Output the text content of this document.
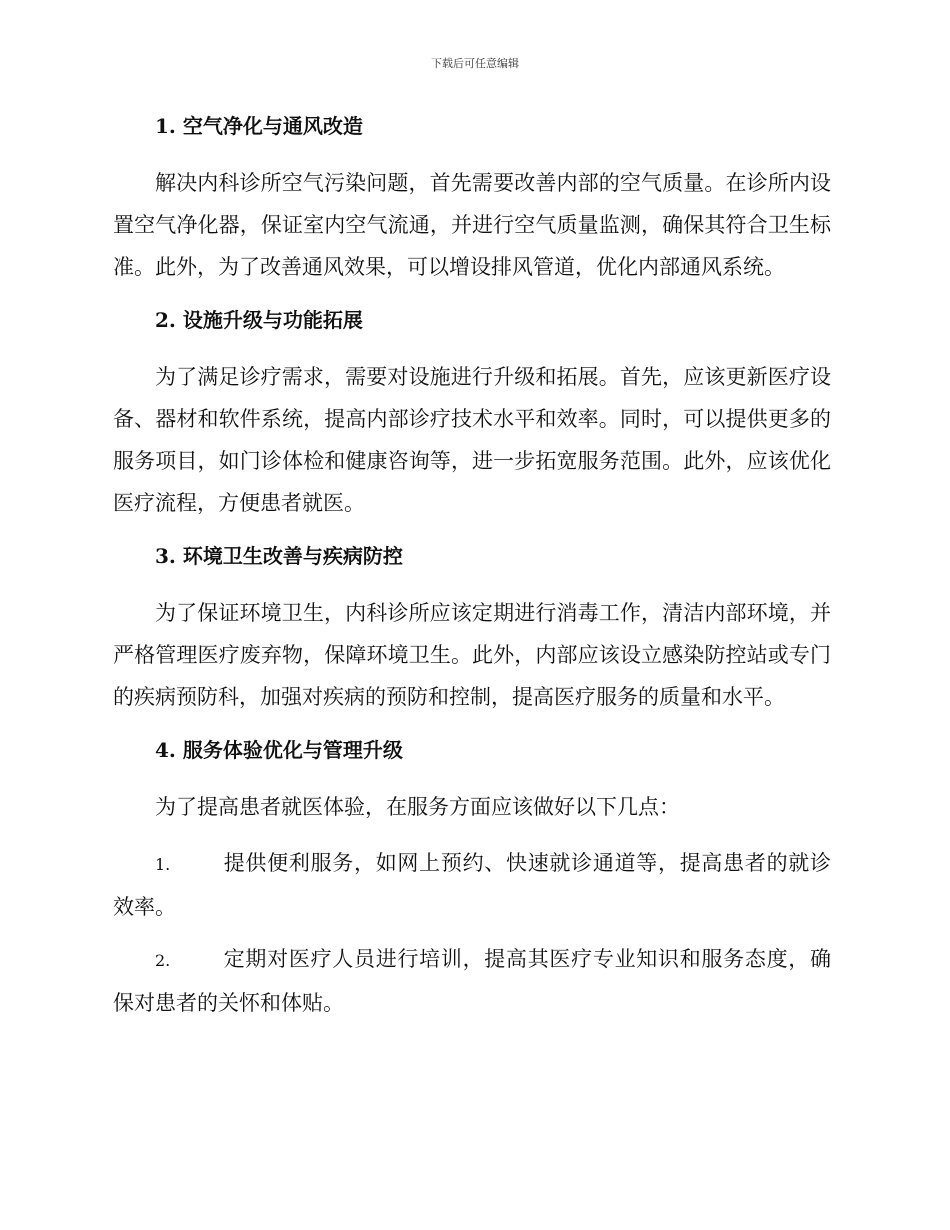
下载后可任意编辑
1. 空气净化与通风改造

解决内科诊所空气污染问题，首先需要改善内部的空气质量。在诊所内设置空气净化器，保证室内空气流通，并进行空气质量监测，确保其符合卫生标准。此外，为了改善通风效果，可以增设排风管道，优化内部通风系统。

2. 设施升级与功能拓展

为了满足诊疗需求，需要对设施进行升级和拓展。首先，应该更新医疗设备、器材和软件系统，提高内部诊疗技术水平和效率。同时，可以提供更多的服务项目，如门诊体检和健康咨询等，进一步拓宽服务范围。此外，应该优化医疗流程，方便患者就医。

3. 环境卫生改善与疾病防控

为了保证环境卫生，内科诊所应该定期进行消毒工作，清洁内部环境，并严格管理医疗废弃物，保障环境卫生。此外，内部应该设立感染防控站或专门的疾病预防科，加强对疾病的预防和控制，提高医疗服务的质量和水平。

4. 服务体验优化与管理升级

为了提高患者就医体验，在服务方面应该做好以下几点：

1.	提供便利服务，如网上预约、快速就诊通道等，提高患者的就诊效率。

2.	定期对医疗人员进行培训，提高其医疗专业知识和服务态度，确保对患者的关怀和体贴。
